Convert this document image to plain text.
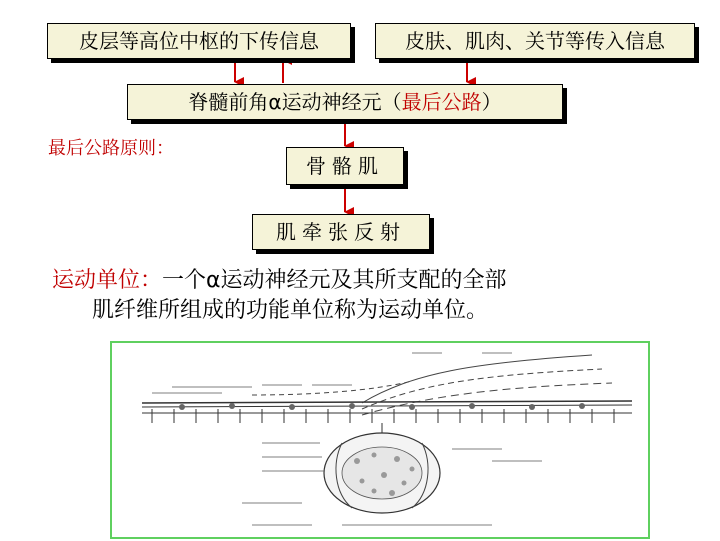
皮层等高位中枢的下传信息	皮肤、肌肉、关节等传入信息
脊髓前角α运动神经元（ 最后公路 ）
骨骼肌
肌牵张反射
最后公路原则：
运动单位：一个α运动神经元及其所支配的全部
肌纤维所组成的功能单位称为运动单位。
